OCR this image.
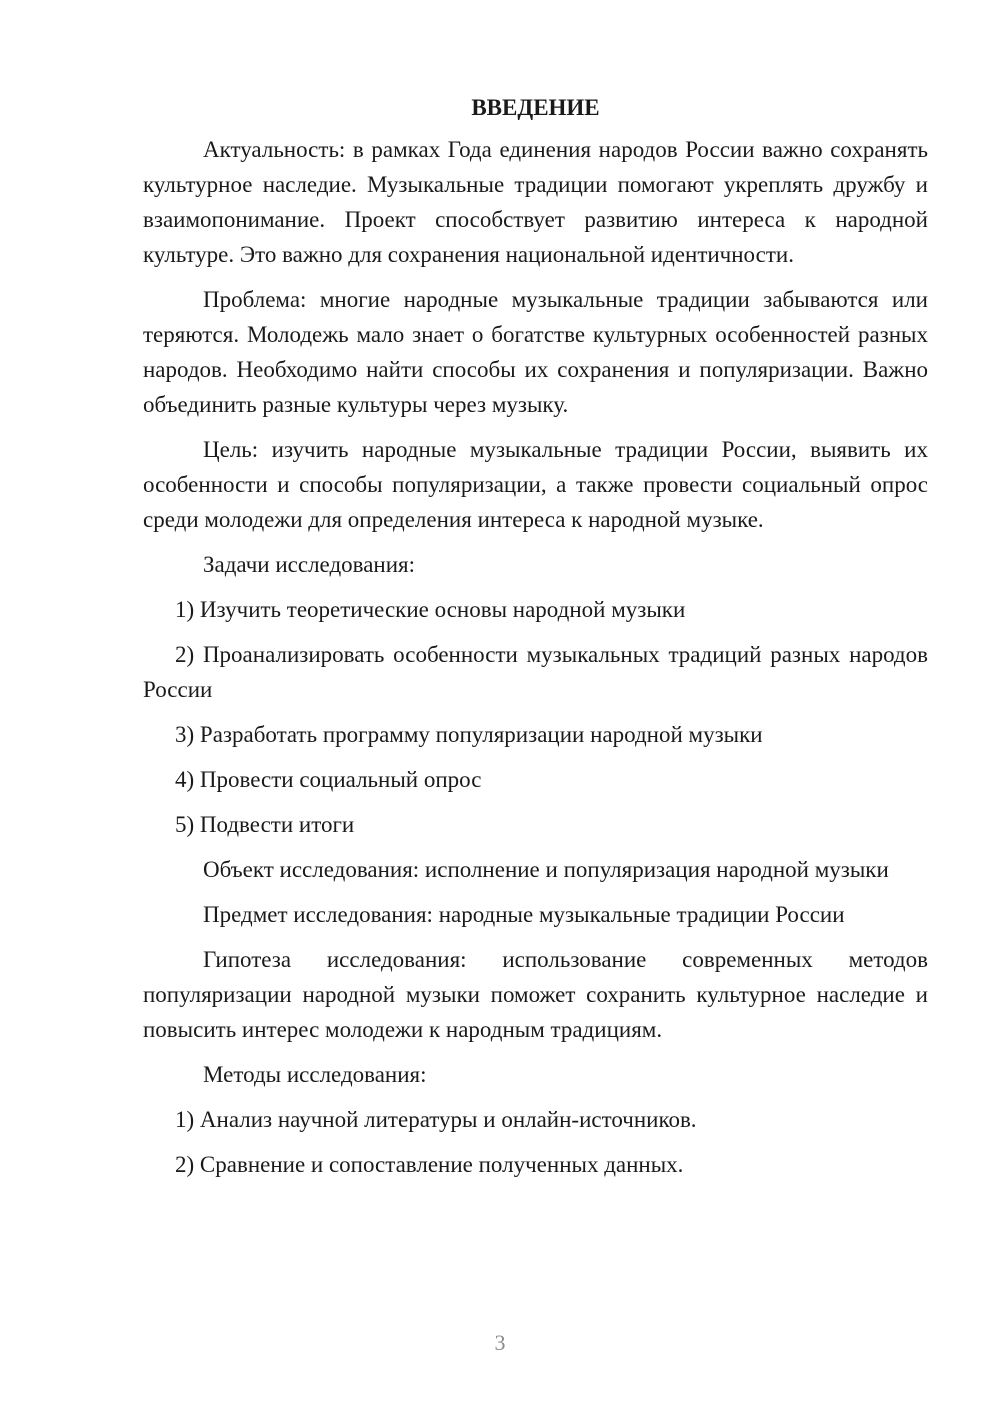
ВВЕДЕНИЕ

Актуальность: в рамках Года единения народов России важно сохранять культурное наследие. Музыкальные традиции помогают укреплять дружбу и взаимопонимание. Проект способствует развитию интереса к народной культуре. Это важно для сохранения национальной идентичности.

Проблема: многие народные музыкальные традиции забываются или теряются. Молодежь мало знает о богатстве культурных особенностей разных народов. Необходимо найти способы их сохранения и популяризации. Важно объединить разные культуры через музыку.

Цель: изучить народные музыкальные традиции России, выявить их особенности и способы популяризации, а также провести социальный опрос среди молодежи для определения интереса к народной музыке.

Задачи исследования:

1) Изучить теоретические основы народной музыки

2) Проанализировать особенности музыкальных традиций разных народов России

3) Разработать программу популяризации народной музыки

4) Провести социальный опрос

5) Подвести итоги

Объект исследования: исполнение и популяризация народной музыки

Предмет исследования: народные музыкальные традиции России

Гипотеза исследования: использование современных методов популяризации народной музыки поможет сохранить культурное наследие и повысить интерес молодежи к народным традициям.

Методы исследования:

1) Анализ научной литературы и онлайн-источников.

2) Сравнение и сопоставление полученных данных.

3
